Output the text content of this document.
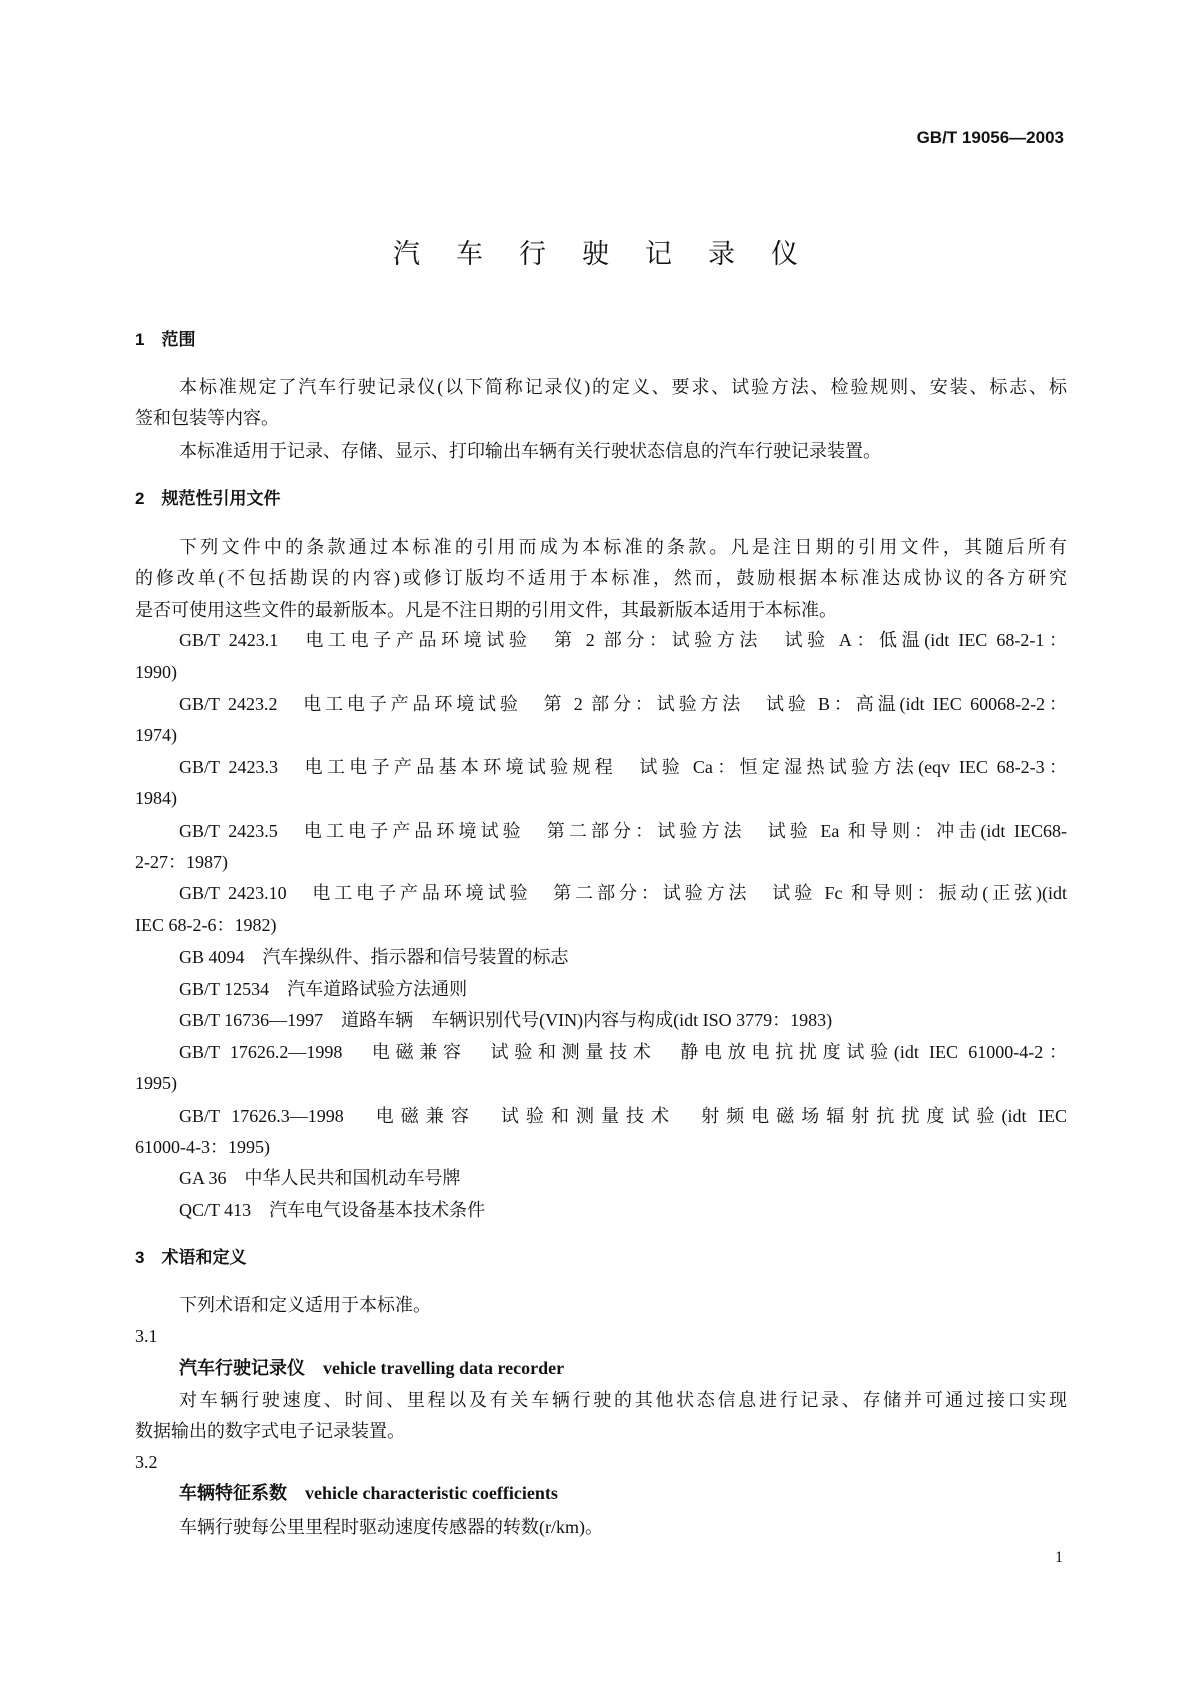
GB/T 19056—2003
汽车行驶记录仪
1　范围
本标准规定了汽车行驶记录仪(以下简称记录仪)的定义、要求、试验方法、检验规则、安装、标志、标
签和包装等内容。
本标准适用于记录、存储、显示、打印输出车辆有关行驶状态信息的汽车行驶记录装置。
2　规范性引用文件
下列文件中的条款通过本标准的引用而成为本标准的条款。凡是注日期的引用文件，其随后所有
的修改单(不包括勘误的内容)或修订版均不适用于本标准，然而，鼓励根据本标准达成协议的各方研究
是否可使用这些文件的最新版本。凡是不注日期的引用文件，其最新版本适用于本标准。
GB/T 2423.1　电工电子产品环境试验　第 2 部分：试验方法　试验 A：低温(idt IEC 68-2-1：
1990)
GB/T 2423.2　电工电子产品环境试验　第 2 部分：试验方法　试验 B：高温(idt IEC 60068-2-2：
1974)
GB/T 2423.3　电工电子产品基本环境试验规程　试验 Ca：恒定湿热试验方法(eqv IEC 68-2-3：
1984)
GB/T 2423.5　电工电子产品环境试验　第二部分：试验方法　试验 Ea 和导则：冲击(idt IEC68-
2-27：1987)
GB/T 2423.10　电工电子产品环境试验　第二部分：试验方法　试验 Fc 和导则：振动(正弦)(idt
IEC 68-2-6：1982)
GB 4094　汽车操纵件、指示器和信号装置的标志
GB/T 12534　汽车道路试验方法通则
GB/T 16736—1997　道路车辆　车辆识别代号(VIN)内容与构成(idt ISO 3779：1983)
GB/T 17626.2—1998　电磁兼容　试验和测量技术　静电放电抗扰度试验(idt IEC 61000-4-2：
1995)
GB/T 17626.3—1998　电磁兼容　试验和测量技术　射频电磁场辐射抗扰度试验(idt IEC
61000-4-3：1995)
GA 36　中华人民共和国机动车号牌
QC/T 413　汽车电气设备基本技术条件
3　术语和定义
下列术语和定义适用于本标准。
3.1
汽车行驶记录仪　vehicle travelling data recorder
对车辆行驶速度、时间、里程以及有关车辆行驶的其他状态信息进行记录、存储并可通过接口实现
数据输出的数字式电子记录装置。
3.2
车辆特征系数　vehicle characteristic coefficients
车辆行驶每公里里程时驱动速度传感器的转数(r/km)。
1
